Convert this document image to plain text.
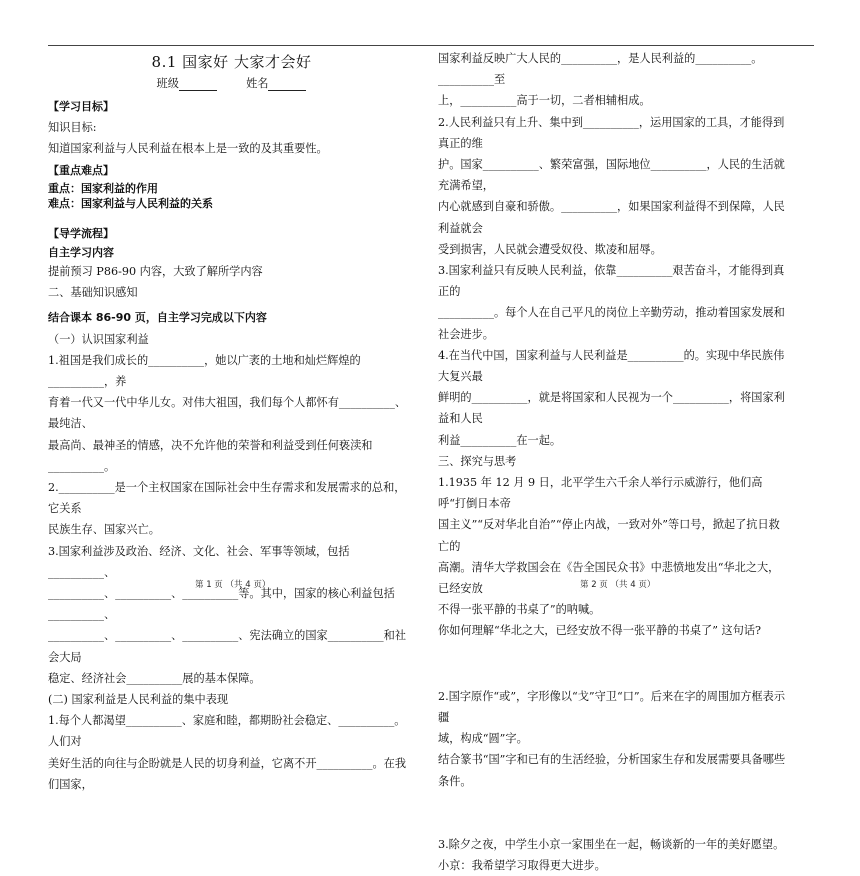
8.1 国家好 大家才会好
班级	姓名
【学习目标】
知识目标:
知道国家利益与人民利益在根本上是一致的及其重要性。
【重点难点】
重点：国家利益的作用
难点：国家利益与人民利益的关系
【导学流程】
自主学习内容
提前预习 P86-90 内容，大致了解所学内容
二、基础知识感知
结合课本 86-90 页，自主学习完成以下内容
（一）认识国家利益
1.祖国是我们成长的__________，她以广袤的土地和灿烂辉煌的__________，养
育着一代又一代中华儿女。对伟大祖国，我们每个人都怀有__________、最纯洁、
最高尚、最神圣的情感，决不允许他的荣誉和利益受到任何亵渎和__________。
2.__________是一个主权国家在国际社会中生存需求和发展需求的总和，它关系
民族生存、国家兴亡。
3.国家利益涉及政治、经济、文化、社会、军事等领域，包括__________、
__________、__________、__________等。其中，国家的核心利益包括__________、
__________、__________、__________、宪法确立的国家__________和社会大局
稳定、经济社会__________展的基本保障。
(二) 国家利益是人民利益的集中表现
1.每个人都渴望__________、家庭和睦，都期盼社会稳定、__________。人们对
美好生活的向往与企盼就是人民的切身利益，它离不开__________。在我们国家，
国家利益反映广大人民的__________，是人民利益的__________。__________至
上，__________高于一切，二者相辅相成。
2.人民利益只有上升、集中到__________，运用国家的工具，才能得到真正的维
护。国家__________、繁荣富强，国际地位__________，人民的生活就充满希望，
内心就感到自豪和骄傲。__________，如果国家利益得不到保障，人民利益就会
受到损害，人民就会遭受奴役、欺凌和屈辱。
3.国家利益只有反映人民利益，依靠__________艰苦奋斗，才能得到真正的
__________。每个人在自己平凡的岗位上辛勤劳动，推动着国家发展和社会进步。
4.在当代中国，国家利益与人民利益是__________的。实现中华民族伟大复兴最
鲜明的__________，就是将国家和人民视为一个__________，将国家利益和人民
利益__________在一起。
三、探究与思考
1.1935 年 12 月 9 日，北平学生六千余人举行示威游行，他们高呼“打倒日本帝
国主义”“反对华北自治”“停止内战，一致对外”等口号，掀起了抗日救亡的
高潮。清华大学救国会在《告全国民众书》中悲愤地发出“华北之大，已经安放
不得一张平静的书桌了”的呐喊。
你如何理解“华北之大，已经安放不得一张平静的书桌了” 这句话?
2.国字原作“或”，字形像以“戈”守卫“口”。后来在字的周围加方框表示疆
域，构成“圆”字。
结合篆书“国”字和已有的生活经验，分析国家生存和发展需要具备哪些条件。
3.除夕之夜，中学生小京一家围坐在一起，畅谈新的一年的美好愿望。
小京：我希望学习取得更大进步。
第 1 页 （共 4 页）	第 2 页 （共 4 页）
